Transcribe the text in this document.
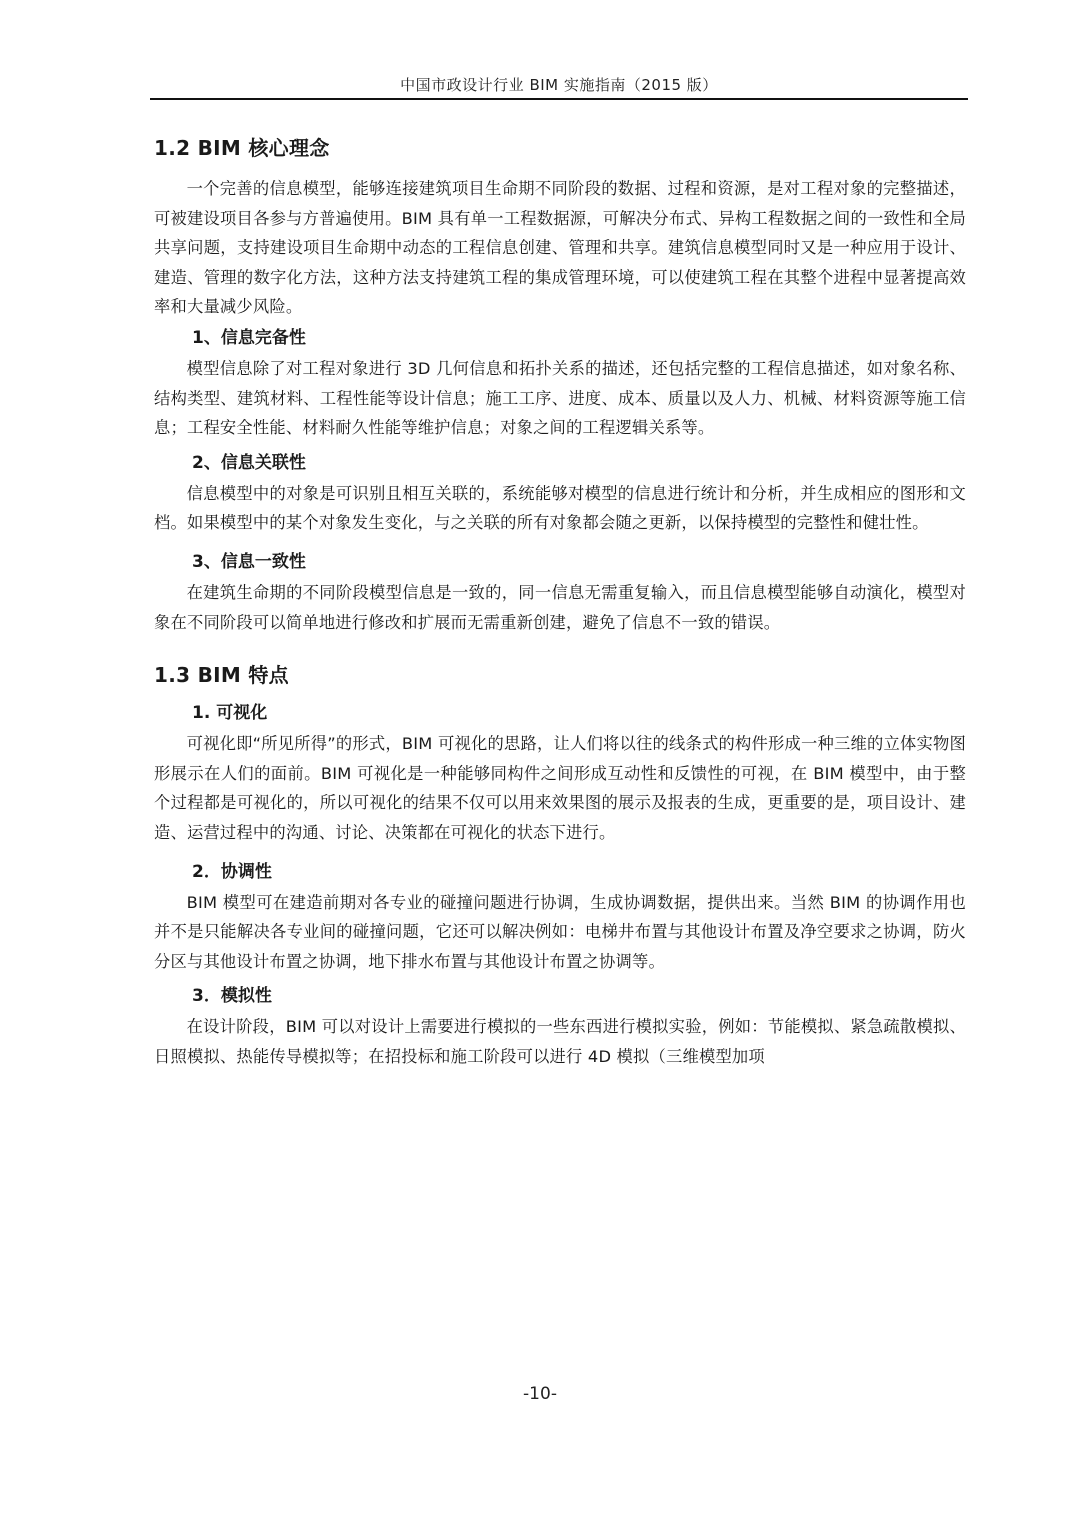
中国市政设计行业 BIM 实施指南（2015 版）
1.2 BIM 核心理念

一个完善的信息模型，能够连接建筑项目生命期不同阶段的数据、过程和资源，是对工程对象的完整描述，可被建设项目各参与方普遍使用。BIM 具有单一工程数据源，可解决分布式、异构工程数据之间的一致性和全局共享问题，支持建设项目生命期中动态的工程信息创建、管理和共享。建筑信息模型同时又是一种应用于设计、建造、管理的数字化方法，这种方法支持建筑工程的集成管理环境，可以使建筑工程在其整个进程中显著提高效率和大量减少风险。

1、信息完备性

模型信息除了对工程对象进行 3D 几何信息和拓扑关系的描述，还包括完整的工程信息描述，如对象名称、结构类型、建筑材料、工程性能等设计信息；施工工序、进度、成本、质量以及人力、机械、材料资源等施工信息；工程安全性能、材料耐久性能等维护信息；对象之间的工程逻辑关系等。

2、信息关联性

信息模型中的对象是可识别且相互关联的，系统能够对模型的信息进行统计和分析，并生成相应的图形和文档。如果模型中的某个对象发生变化，与之关联的所有对象都会随之更新，以保持模型的完整性和健壮性。

3、信息一致性

在建筑生命期的不同阶段模型信息是一致的，同一信息无需重复输入，而且信息模型能够自动演化，模型对象在不同阶段可以简单地进行修改和扩展而无需重新创建，避免了信息不一致的错误。

1.3 BIM 特点
1. 可视化

可视化即“所见所得”的形式，BIM 可视化的思路，让人们将以往的线条式的构件形成一种三维的立体实物图形展示在人们的面前。BIM 可视化是一种能够同构件之间形成互动性和反馈性的可视，在 BIM 模型中，由于整个过程都是可视化的，所以可视化的结果不仅可以用来效果图的展示及报表的生成，更重要的是，项目设计、建造、运营过程中的沟通、讨论、决策都在可视化的状态下进行。

2．协调性

BIM 模型可在建造前期对各专业的碰撞问题进行协调，生成协调数据，提供出来。当然 BIM 的协调作用也并不是只能解决各专业间的碰撞问题，它还可以解决例如：电梯井布置与其他设计布置及净空要求之协调，防火分区与其他设计布置之协调，地下排水布置与其他设计布置之协调等。

3．模拟性

在设计阶段，BIM 可以对设计上需要进行模拟的一些东西进行模拟实验，例如：节能模拟、紧急疏散模拟、日照模拟、热能传导模拟等；在招投标和施工阶段可以进行 4D 模拟（三维模型加项

-10-
